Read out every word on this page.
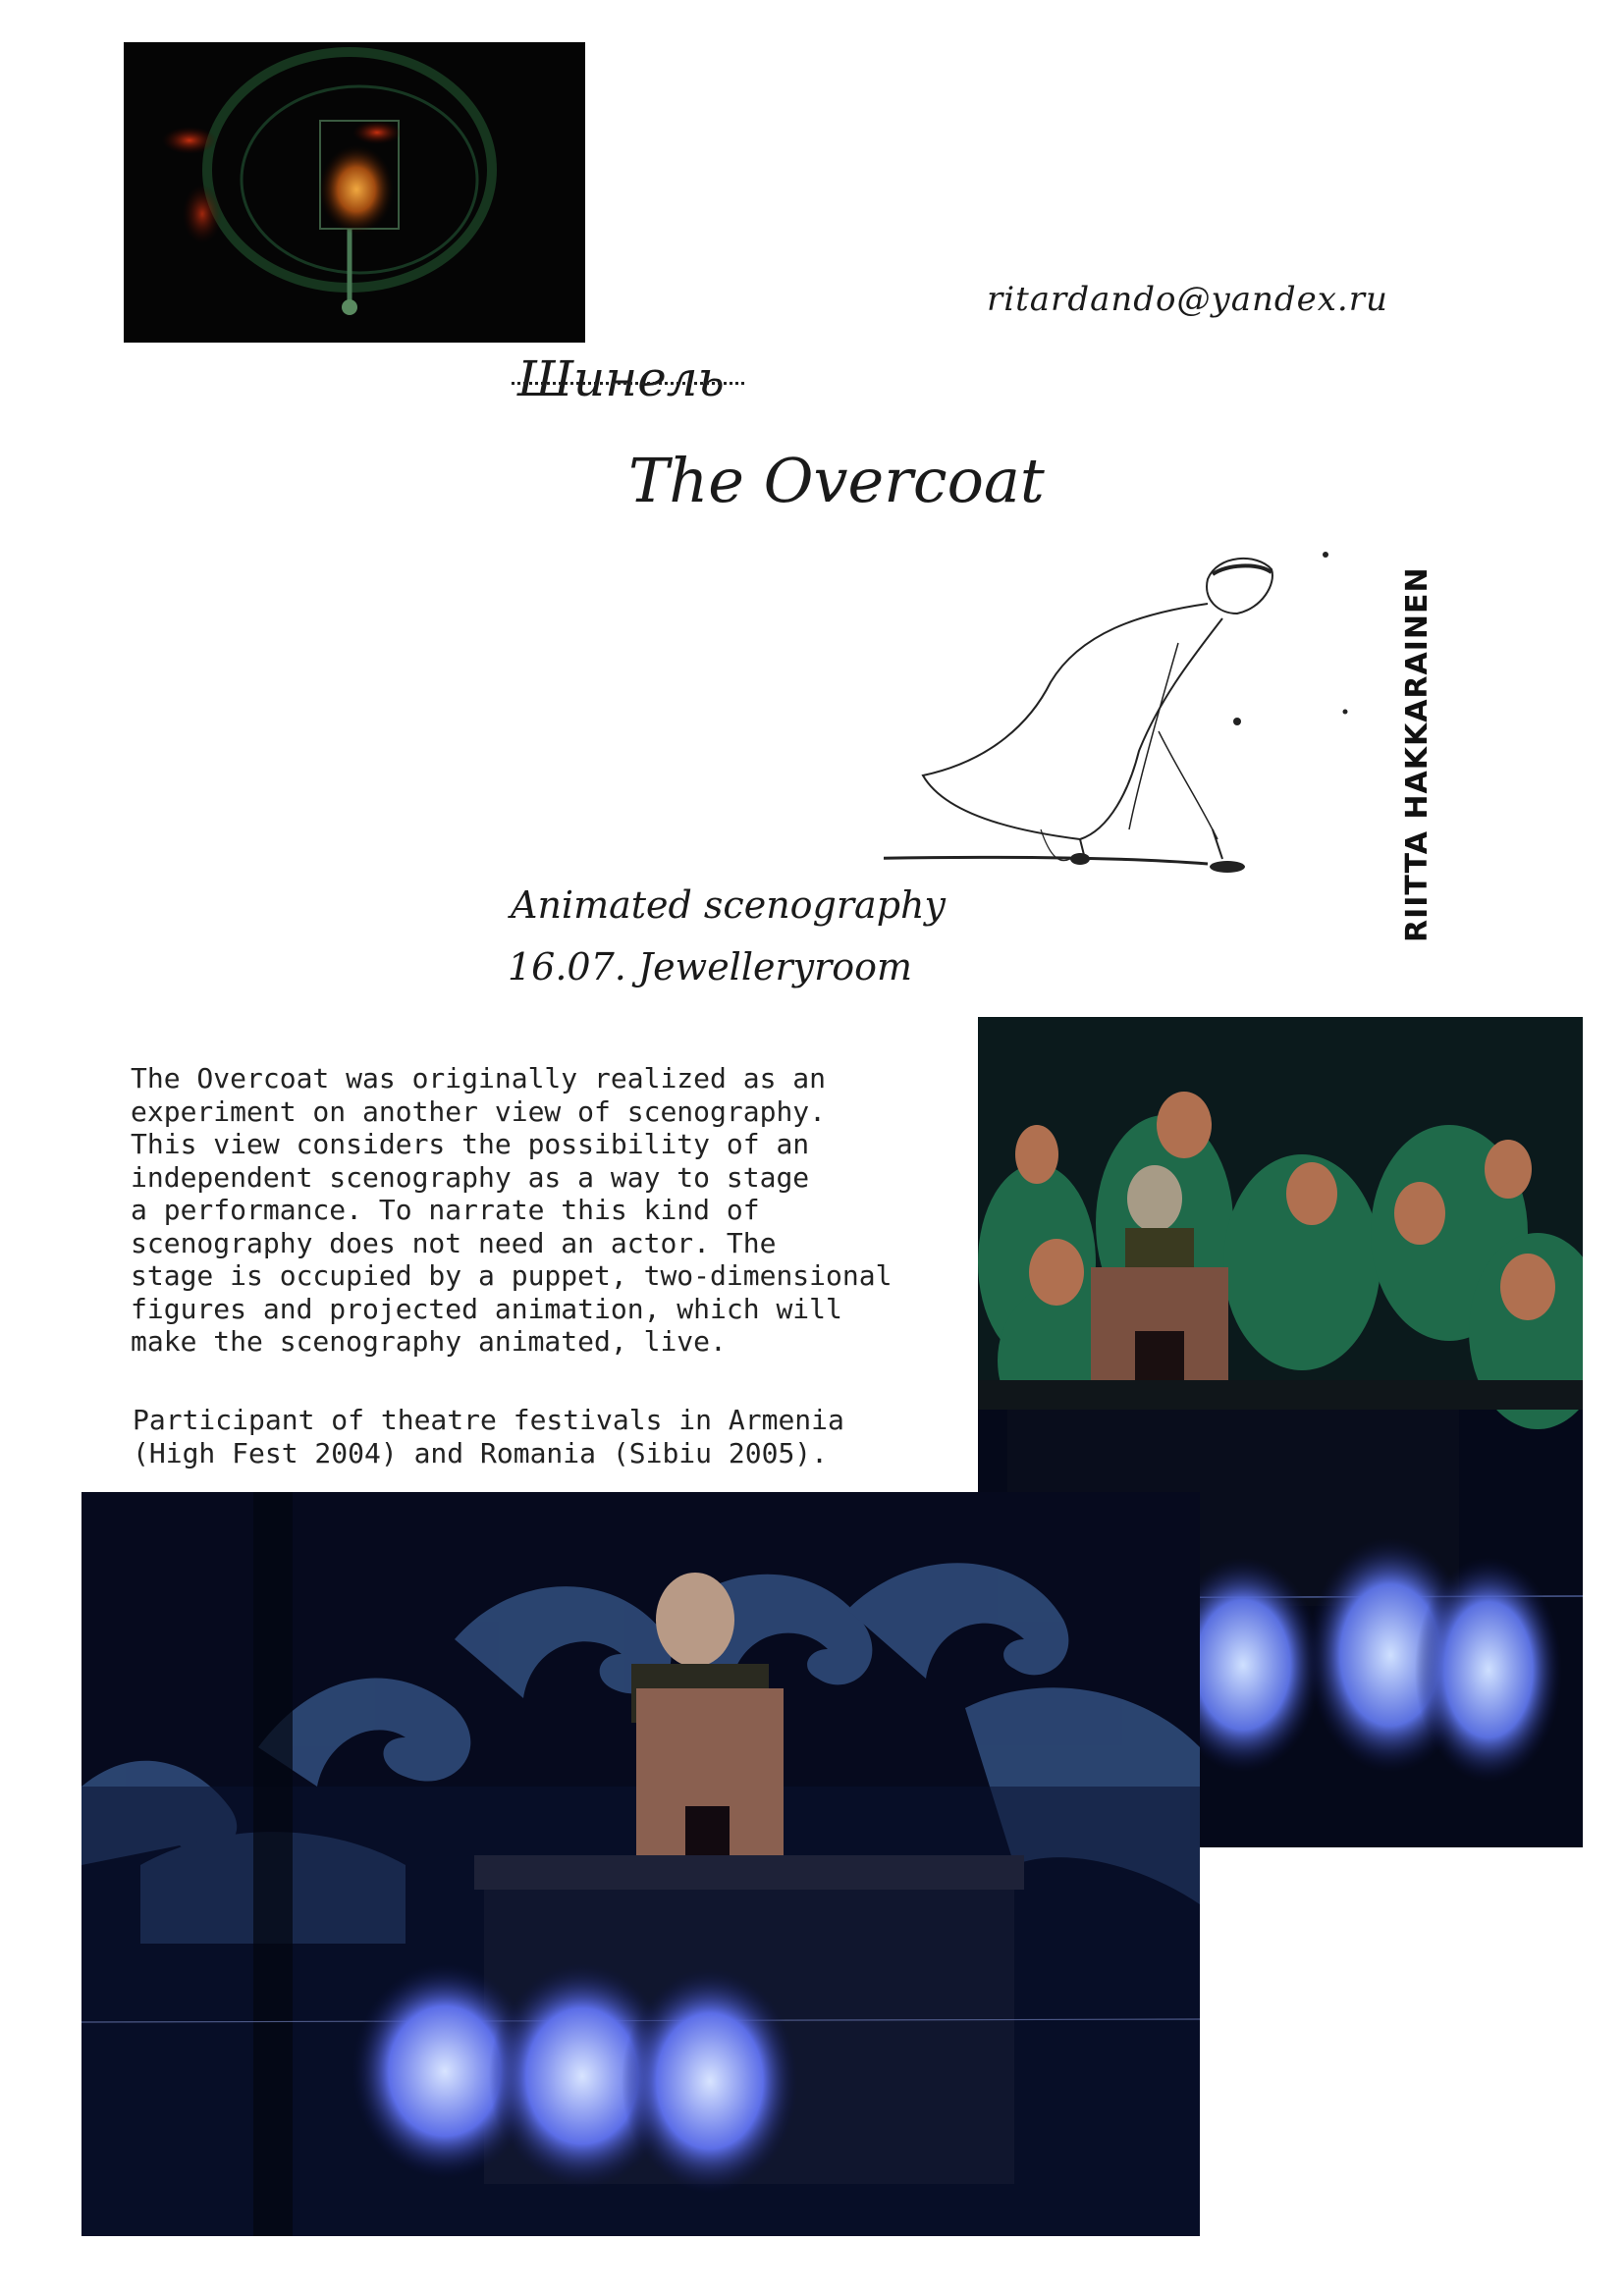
ritardando@yandex.ru
Шинель
The Overcoat
Animated scenography
16.07. Jewelleryroom
RIITTA HAKKARAINEN
The Overcoat was originally realized as an
experiment on another view of scenography.
This view considers the possibility of an
independent scenography as a way to stage
a performance. To narrate this kind of
scenography does not need an actor. The
stage is occupied by a puppet, two-dimensional
figures and projected animation, which will
make the scenography animated, live.
Participant of theatre festivals in Armenia
(High Fest 2004) and Romania (Sibiu 2005).
